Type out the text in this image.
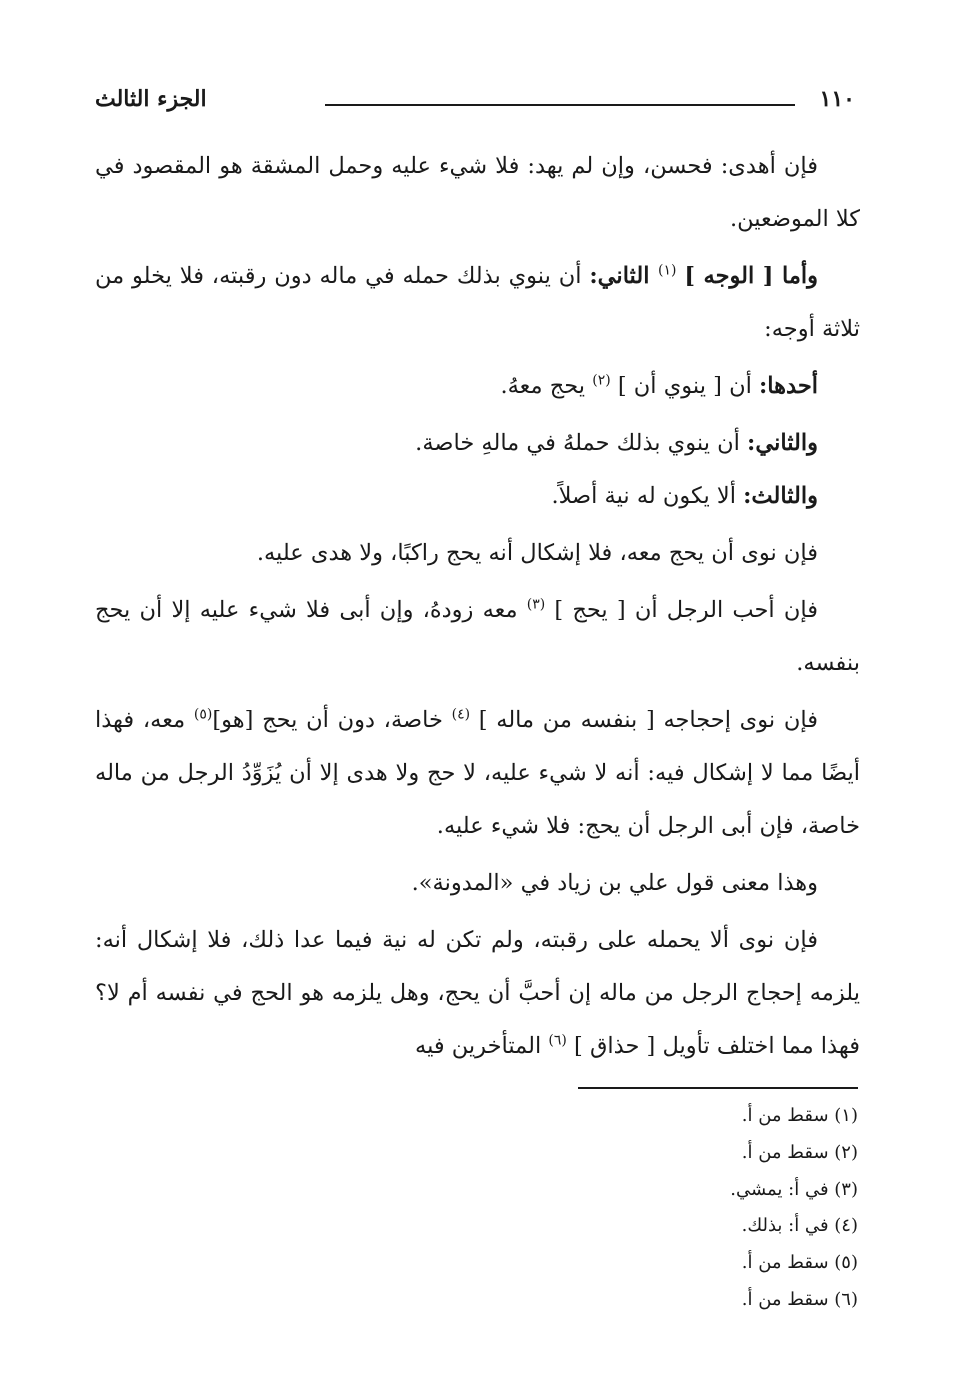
الجزء الثالث	١١٠

فإن أهدى: فحسن، وإن لم يهد: فلا شيء عليه وحمل المشقة هو المقصود في كلا الموضعين.

وأما [ الوجه ] $^{(١)}$ الثاني: أن ينوي بذلك حمله في ماله دون رقبته، فلا يخلو من ثلاثة أوجه:

أحدها: أن [ ينوي أن ] $^{(٢)}$ يحج معهُ.

والثاني: أن ينوي بذلك حملهُ في مالهِ خاصة.

والثالث: ألا يكون له نية أصلاً.

فإن نوى أن يحج معه، فلا إشكال أنه يحج راكبًا، ولا هدى عليه.

فإن أحب الرجل أن [ يحج ] $^{(٣)}$ معه زودهُ، وإن أبى فلا شيء عليه إلا أن يحج بنفسه.

فإن نوى إحجاجه [ بنفسه من ماله ] $^{(٤)}$ خاصة، دون أن يحج [هو]$^{(٥)}$ معه، فهذا أيضًا مما لا إشكال فيه: أنه لا شيء عليه، لا حج ولا هدى إلا أن يُزَوِّدُ الرجل من ماله خاصة، فإن أبى الرجل أن يحج: فلا شيء عليه.

وهذا معنى قول علي بن زياد في «المدونة».

فإن نوى ألا يحمله على رقبته، ولم تكن له نية فيما عدا ذلك، فلا إشكال أنه: يلزمه إحجاج الرجل من ماله إن أحبَّ أن يحج، وهل يلزمه هو الحج في نفسه أم لا؟ فهذا مما اختلف تأويل [ حذاق ] $^{(٦)}$ المتأخرين فيه

(١) سقط من أ.
(٢) سقط من أ.
(٣) في أ: يمشي.
(٤) في أ: بذلك.
(٥) سقط من أ.
(٦) سقط من أ.
